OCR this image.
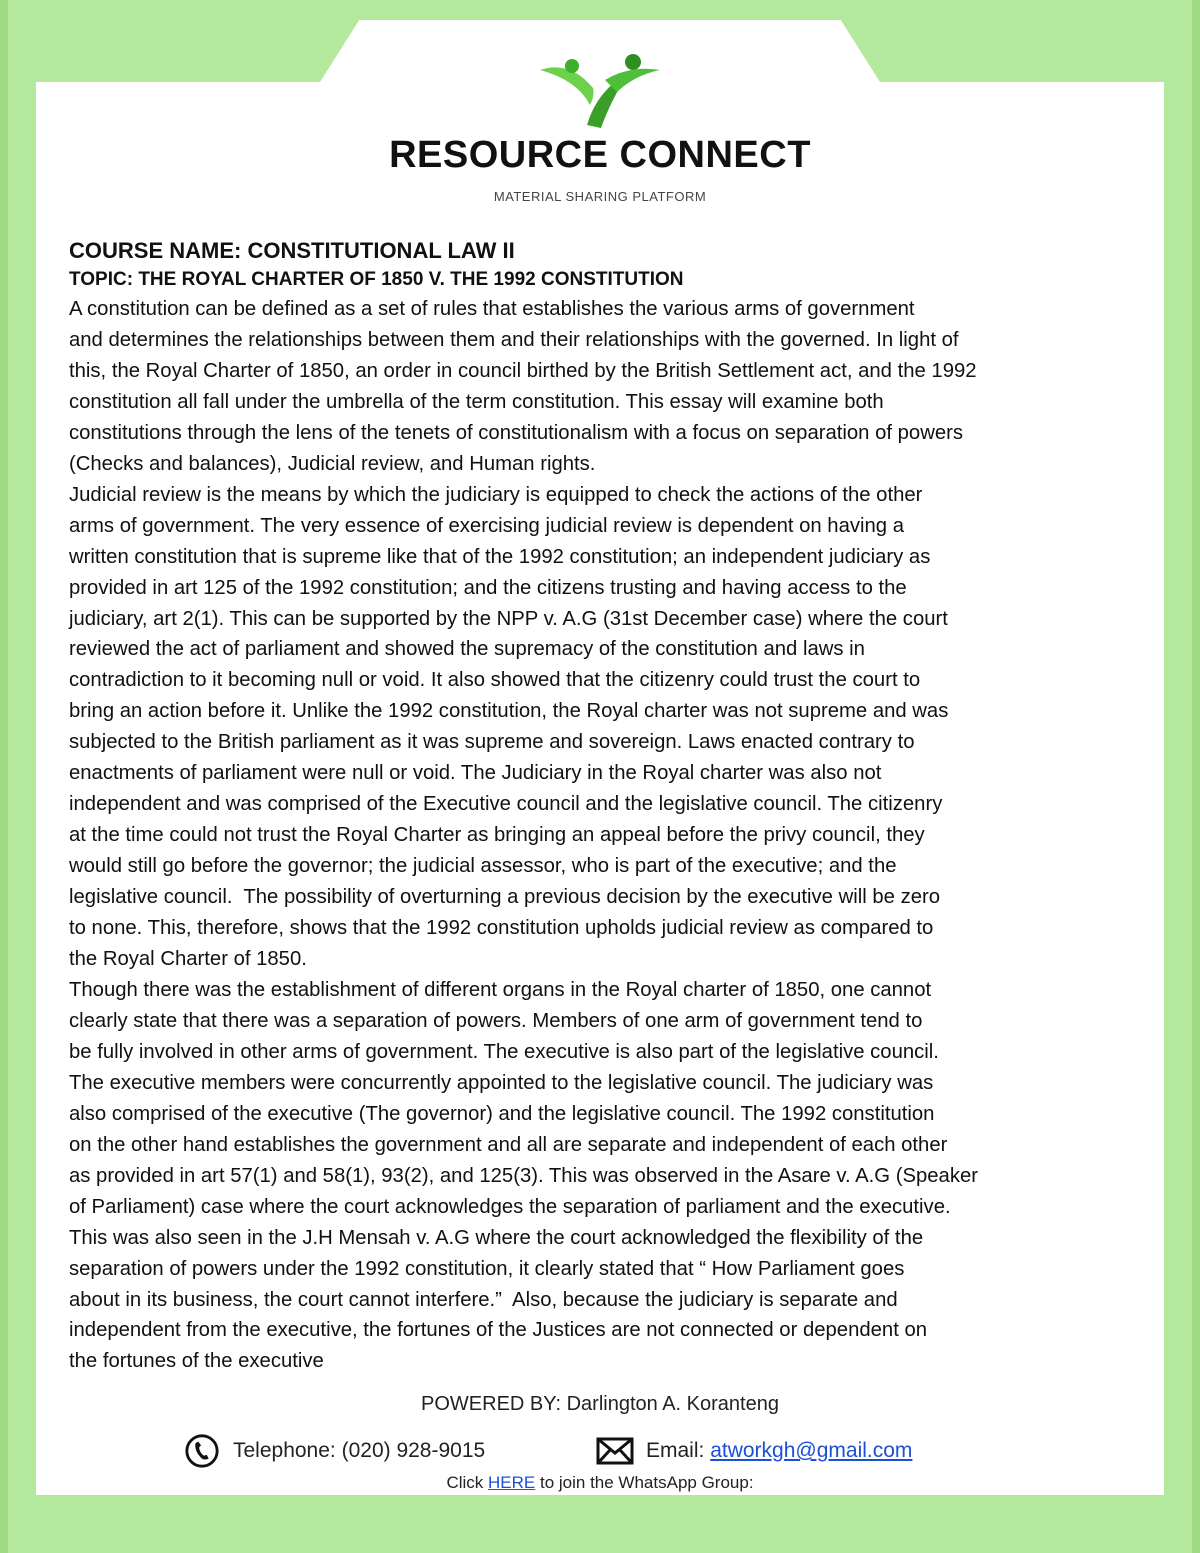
RESOURCE CONNECT
MATERIAL SHARING PLATFORM
COURSE NAME: CONSTITUTIONAL LAW II
TOPIC: THE ROYAL CHARTER OF 1850 V. THE 1992 CONSTITUTION

A constitution can be defined as a set of rules that establishes the various arms of government
and determines the relationships between them and their relationships with the governed. In light of
this, the Royal Charter of 1850, an order in council birthed by the British Settlement act, and the 1992
constitution all fall under the umbrella of the term constitution. This essay will examine both
constitutions through the lens of the tenets of constitutionalism with a focus on separation of powers
(Checks and balances), Judicial review, and Human rights.

Judicial review is the means by which the judiciary is equipped to check the actions of the other
arms of government. The very essence of exercising judicial review is dependent on having a
written constitution that is supreme like that of the 1992 constitution; an independent judiciary as
provided in art 125 of the 1992 constitution; and the citizens trusting and having access to the
judiciary, art 2(1). This can be supported by the NPP v. A.G (31st December case) where the court
reviewed the act of parliament and showed the supremacy of the constitution and laws in
contradiction to it becoming null or void. It also showed that the citizenry could trust the court to
bring an action before it. Unlike the 1992 constitution, the Royal charter was not supreme and was
subjected to the British parliament as it was supreme and sovereign. Laws enacted contrary to
enactments of parliament were null or void. The Judiciary in the Royal charter was also not
independent and was comprised of the Executive council and the legislative council. The citizenry
at the time could not trust the Royal Charter as bringing an appeal before the privy council, they
would still go before the governor; the judicial assessor, who is part of the executive; and the
legislative council.  The possibility of overturning a previous decision by the executive will be zero
to none. This, therefore, shows that the 1992 constitution upholds judicial review as compared to
the Royal Charter of 1850.

Though there was the establishment of different organs in the Royal charter of 1850, one cannot
clearly state that there was a separation of powers. Members of one arm of government tend to
be fully involved in other arms of government. The executive is also part of the legislative council.
The executive members were concurrently appointed to the legislative council. The judiciary was
also comprised of the executive (The governor) and the legislative council. The 1992 constitution
on the other hand establishes the government and all are separate and independent of each other
as provided in art 57(1) and 58(1), 93(2), and 125(3). This was observed in the Asare v. A.G (Speaker
of Parliament) case where the court acknowledges the separation of parliament and the executive.
This was also seen in the J.H Mensah v. A.G where the court acknowledged the flexibility of the
separation of powers under the 1992 constitution, it clearly stated that “ How Parliament goes
about in its business, the court cannot interfere.”  Also, because the judiciary is separate and
independent from the executive, the fortunes of the Justices are not connected or dependent on
the fortunes of the executive

POWERED BY: Darlington A. Koranteng
Telephone: (020) 928-9015	Email:
atworkgh@gmail.com
Click HERE to join the WhatsApp Group:
